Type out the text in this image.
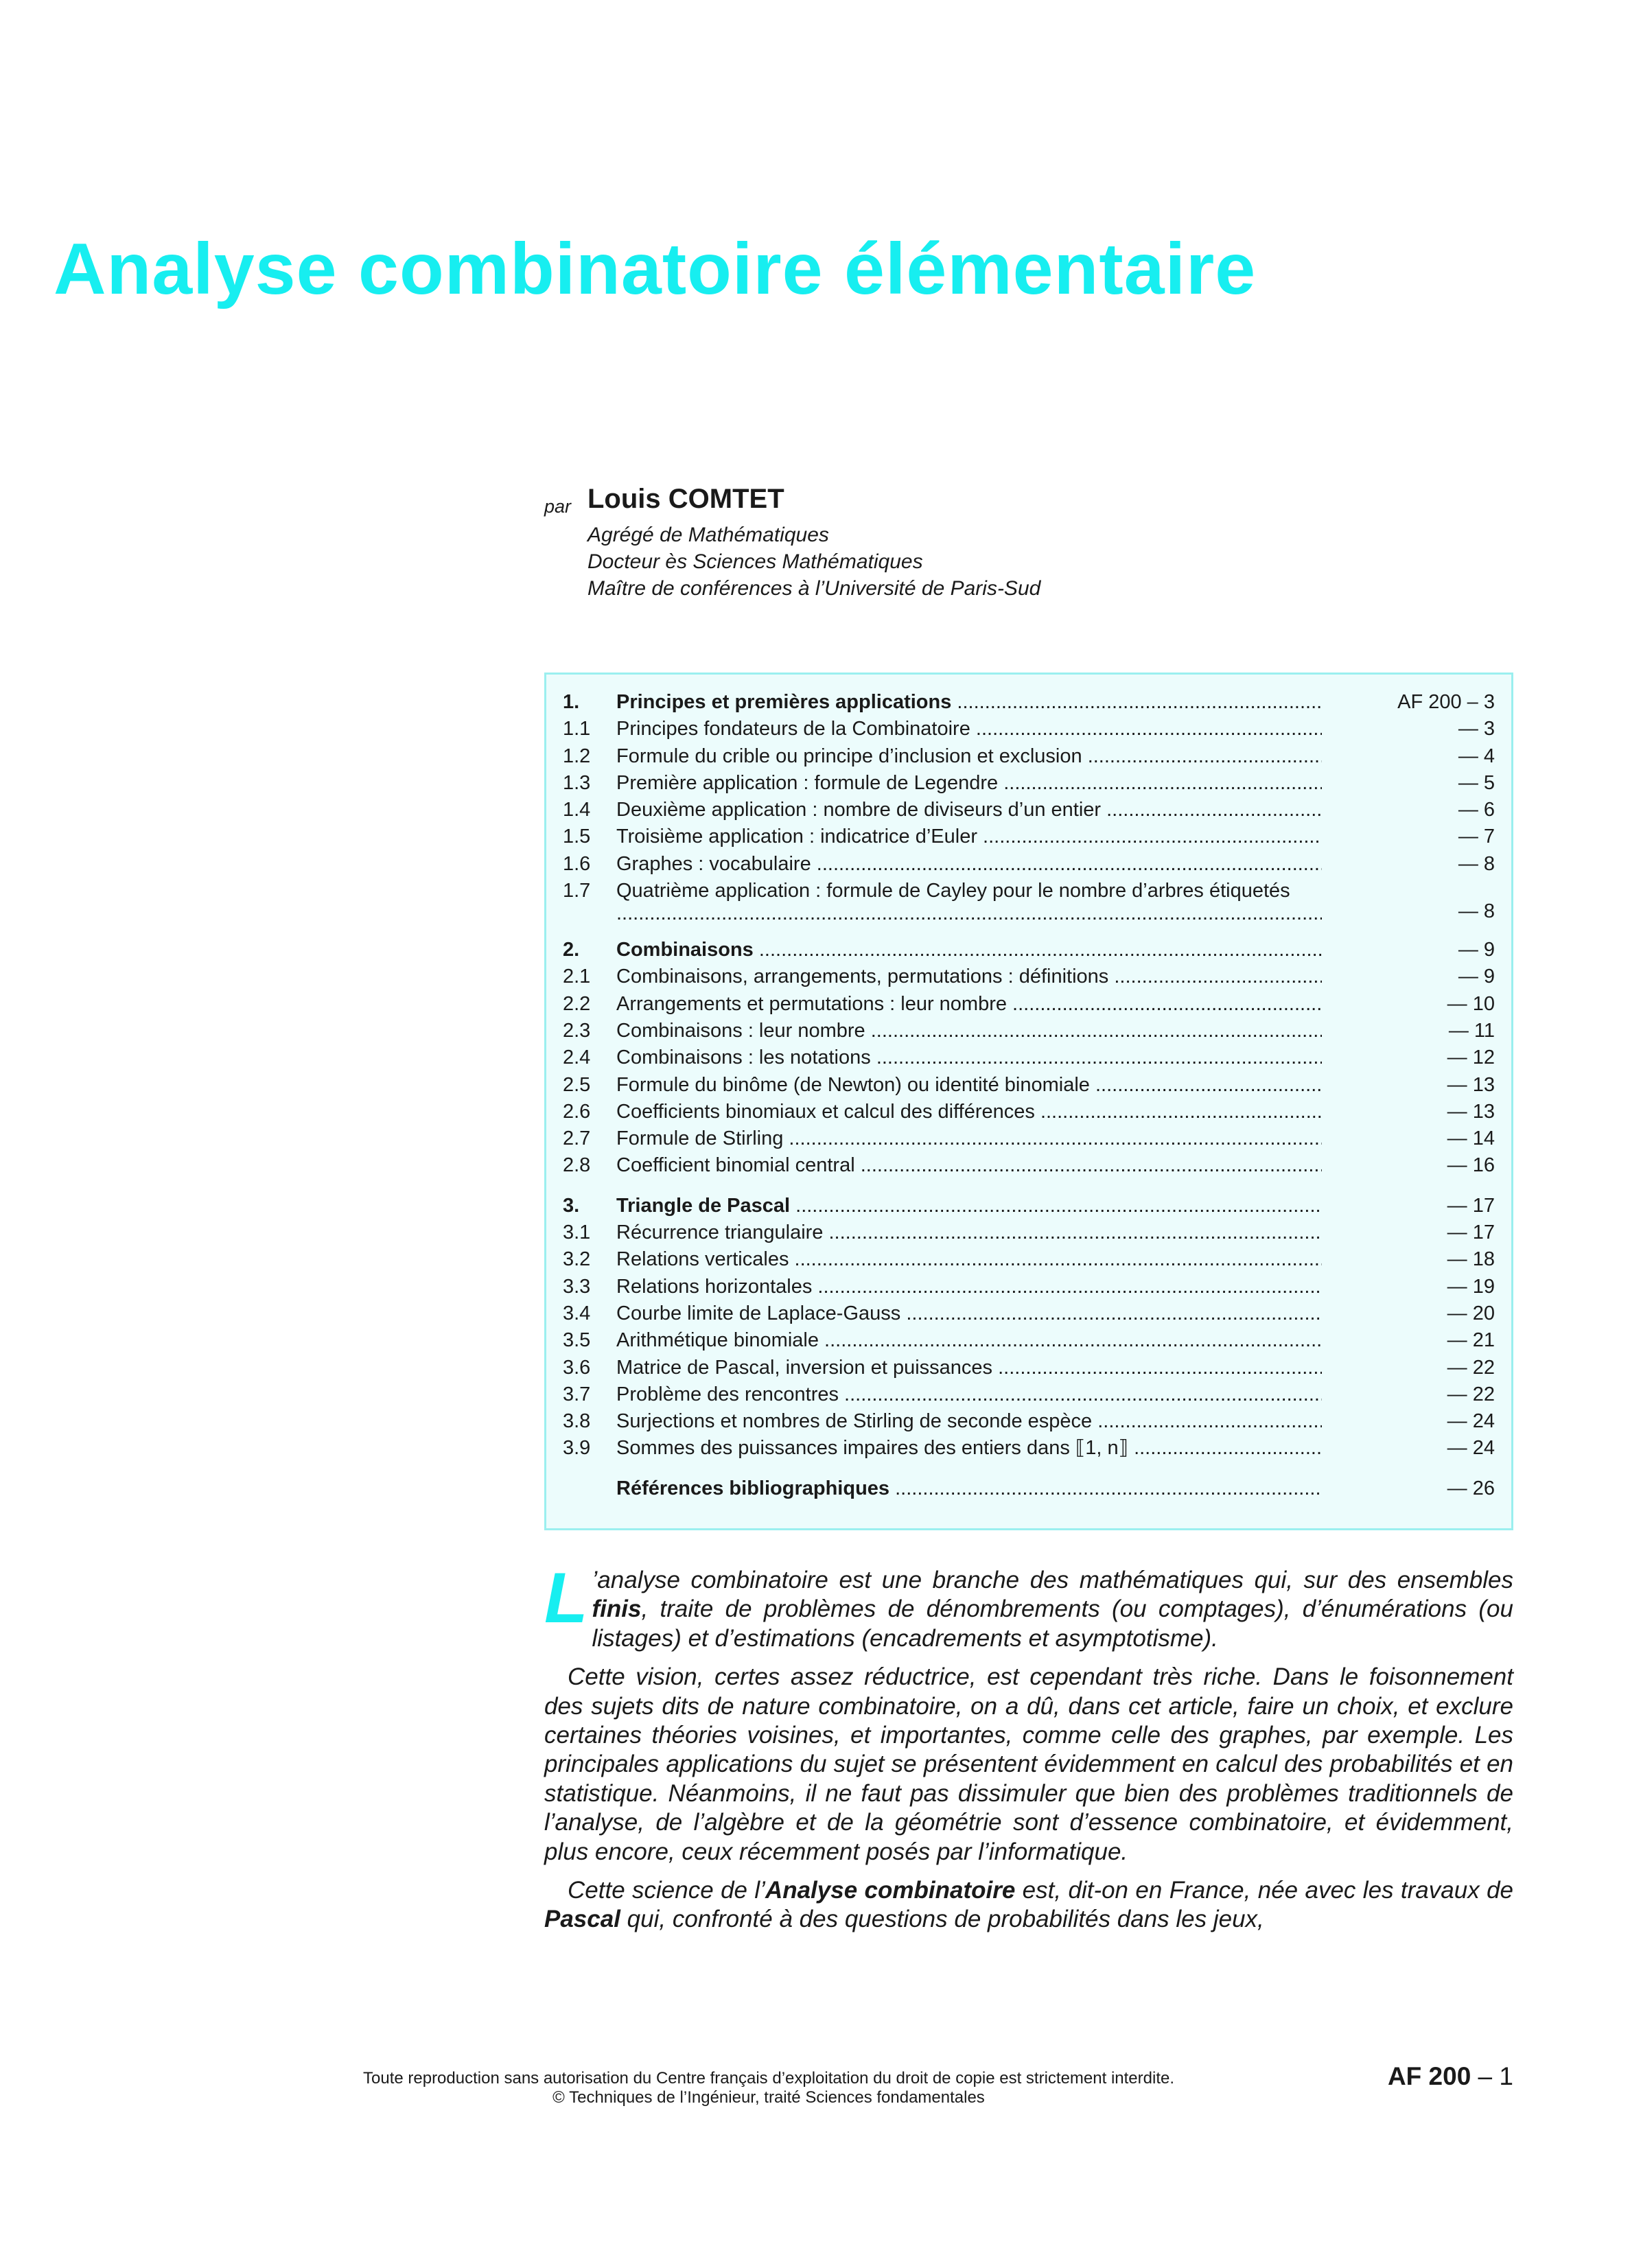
Analyse combinatoire élémentaire
par Louis COMTET
Agrégé de Mathématiques
Docteur ès Sciences Mathématiques
Maître de conférences à l’Université de Paris-Sud
1. Principes et premières applications .....	AF 200 – 3
1.1 Principes fondateurs de la Combinatoire .....	— 3
1.2 Formule du crible ou principe d’inclusion et exclusion .....	— 4
1.3 Première application : formule de Legendre .....	— 5
1.4 Deuxième application : nombre de diviseurs d’un entier .....	— 6
1.5 Troisième application : indicatrice d’Euler .....	— 7
1.6 Graphes : vocabulaire .....	— 8
1.7 Quatrième application : formule de Cayley pour le nombre d’arbres étiquetés .....
— 8
2. Combinaisons .....	— 9
2.1 Combinaisons, arrangements, permutations : définitions .....	— 9
2.2 Arrangements et permutations : leur nombre .....	— 10
2.3 Combinaisons : leur nombre .....	— 11
2.4 Combinaisons : les notations .....	— 12
2.5 Formule du binôme (de Newton) ou identité binomiale .....	— 13
2.6 Coefficients binomiaux et calcul des différences .....	— 13
2.7 Formule de Stirling .....	— 14
2.8 Coefficient binomial central .....	— 16
3. Triangle de Pascal .....	— 17
3.1 Récurrence triangulaire .....	— 17
3.2 Relations verticales .....	— 18
3.3 Relations horizontales .....	— 19
3.4 Courbe limite de Laplace-Gauss .....	— 20
3.5 Arithmétique binomiale .....	— 21
3.6 Matrice de Pascal, inversion et puissances .....	— 22
3.7 Problème des rencontres .....	— 22
3.8 Surjections et nombres de Stirling de seconde espèce .....	— 24
3.9 Sommes des puissances impaires des entiers dans ⟦1, n⟧ .....	— 24
Références bibliographiques .....	— 26

L ’analyse combinatoire est une branche des mathématiques qui, sur des ensembles finis, traite de problèmes de dénombrements (ou comptages), d’énumérations (ou listages) et d’estimations (encadrements et asymptotisme).

Cette vision, certes assez réductrice, est cependant très riche. Dans le foisonnement des sujets dits de nature combinatoire, on a dû, dans cet article, faire un choix, et exclure certaines théories voisines, et importantes, comme celle des graphes, par exemple. Les principales applications du sujet se présentent évidemment en calcul des probabilités et en statistique. Néanmoins, il ne faut pas dissimuler que bien des problèmes traditionnels de l’analyse, de l’algèbre et de la géométrie sont d’essence combinatoire, et évidemment, plus encore, ceux récemment posés par l’informatique.

Cette science de l’Analyse combinatoire est, dit-on en France, née avec les travaux de Pascal qui, confronté à des questions de probabilités dans les jeux,

Toute reproduction sans autorisation du Centre français d’exploitation du droit de copie est strictement interdite.
© Techniques de l’Ingénieur, traité Sciences fondamentales
AF 200 – 1
